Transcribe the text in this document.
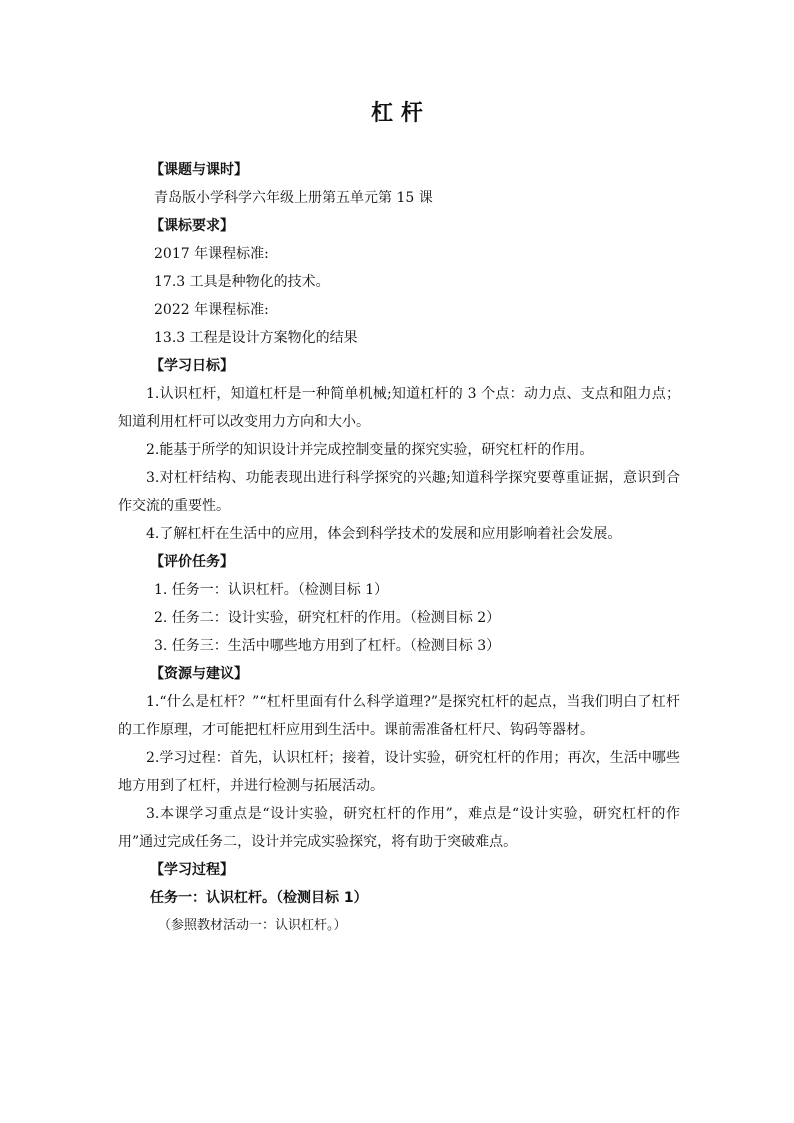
杠 杆
【课题与课时】
青岛版小学科学六年级上册第五单元第 15 课
【课标要求】
2017 年课程标准:
17.3 工具是种物化的技术。
2022 年课程标准:
13.3 工程是设计方案物化的结果
【学习日标】

1.认识杠杆，知道杠杆是一种简单机械;知道杠杆的 3 个点：动力点、支点和阻力点；知道利用杠杆可以改变用力方向和大小。

2.能基于所学的知识设计并完成控制变量的探究实验，研究杠杆的作用。

3.对杠杆结构、功能表现出进行科学探究的兴趣;知道科学探究要尊重证据，意识到合作交流的重要性。

4.了解杠杆在生活中的应用，体会到科学技术的发展和应用影响着社会发展。

【评价任务】
1. 任务一：认识杠杆。（检测目标 1）
2. 任务二：设计实验，研究杠杆的作用。（检测目标 2）
3. 任务三：生活中哪些地方用到了杠杆。（检测目标 3）
【资源与建议】

1.“什么是杠杆？”“杠杆里面有什么科学道理?”是探究杠杆的起点，当我们明白了杠杆的工作原理，才可能把杠杆应用到生活中。课前需准备杠杆尺、钩码等器材。

2.学习过程：首先，认识杠杆；接着，设计实验，研究杠杆的作用；再次，生活中哪些地方用到了杠杆，并进行检测与拓展活动。

3.本课学习重点是“设计实验，研究杠杆的作用”，难点是“设计实验，研究杠杆的作用”通过完成任务二，设计并完成实验探究，将有助于突破难点。

【学习过程】
任务一：认识杠杆。（检测目标 1）
（参照教材活动一：认识杠杆。）
